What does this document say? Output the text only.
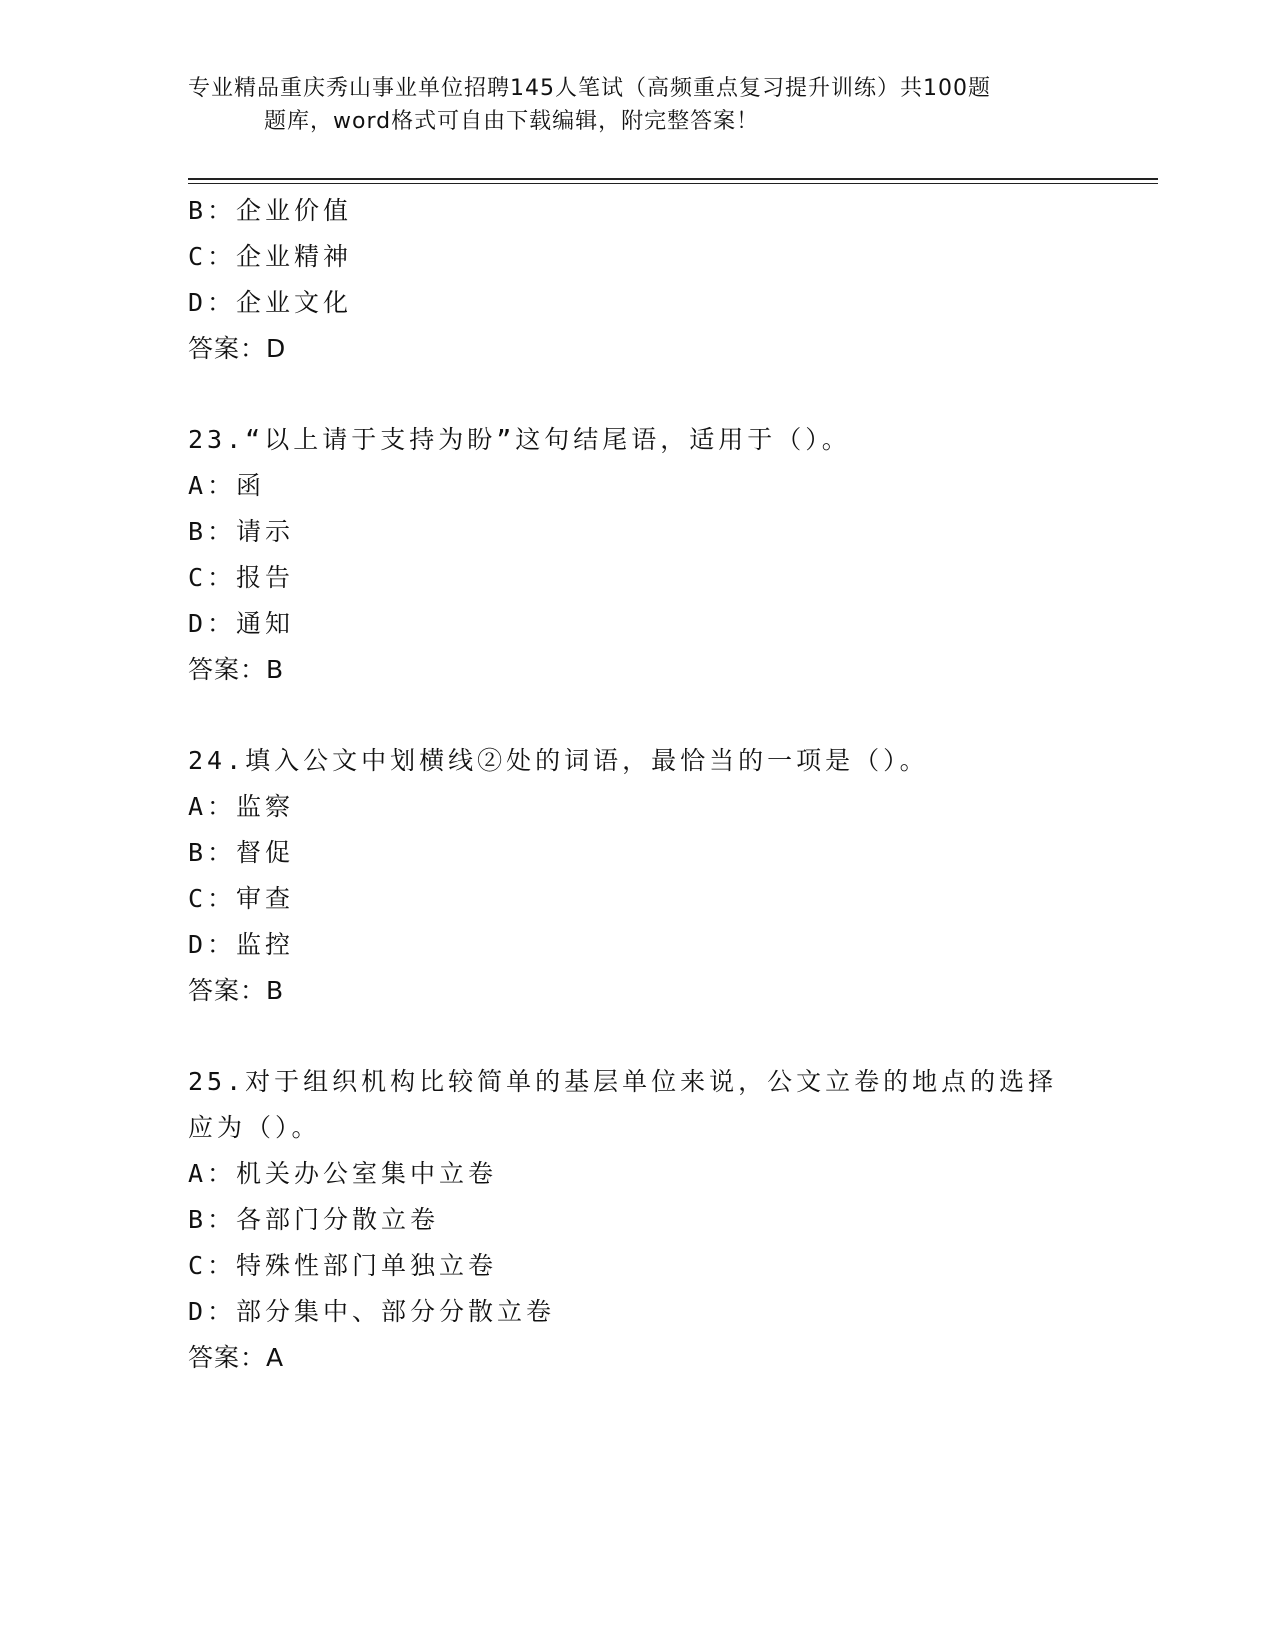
专业精品重庆秀山事业单位招聘145人笔试（高频重点复习提升训练）共100题
题库，word格式可自由下载编辑，附完整答案！
B：企业价值
C：企业精神
D：企业文化
答案：D
23.“以上请于支持为盼”这句结尾语，适用于（）。
A：函
B：请示
C：报告
D：通知
答案：B
24.填入公文中划横线②处的词语，最恰当的一项是（）。
A：监察
B：督促
C：审查
D：监控
答案：B
25.对于组织机构比较简单的基层单位来说，公文立卷的地点的选择应为（）。
A：机关办公室集中立卷
B：各部门分散立卷
C：特殊性部门单独立卷
D：部分集中、部分分散立卷
答案：A
